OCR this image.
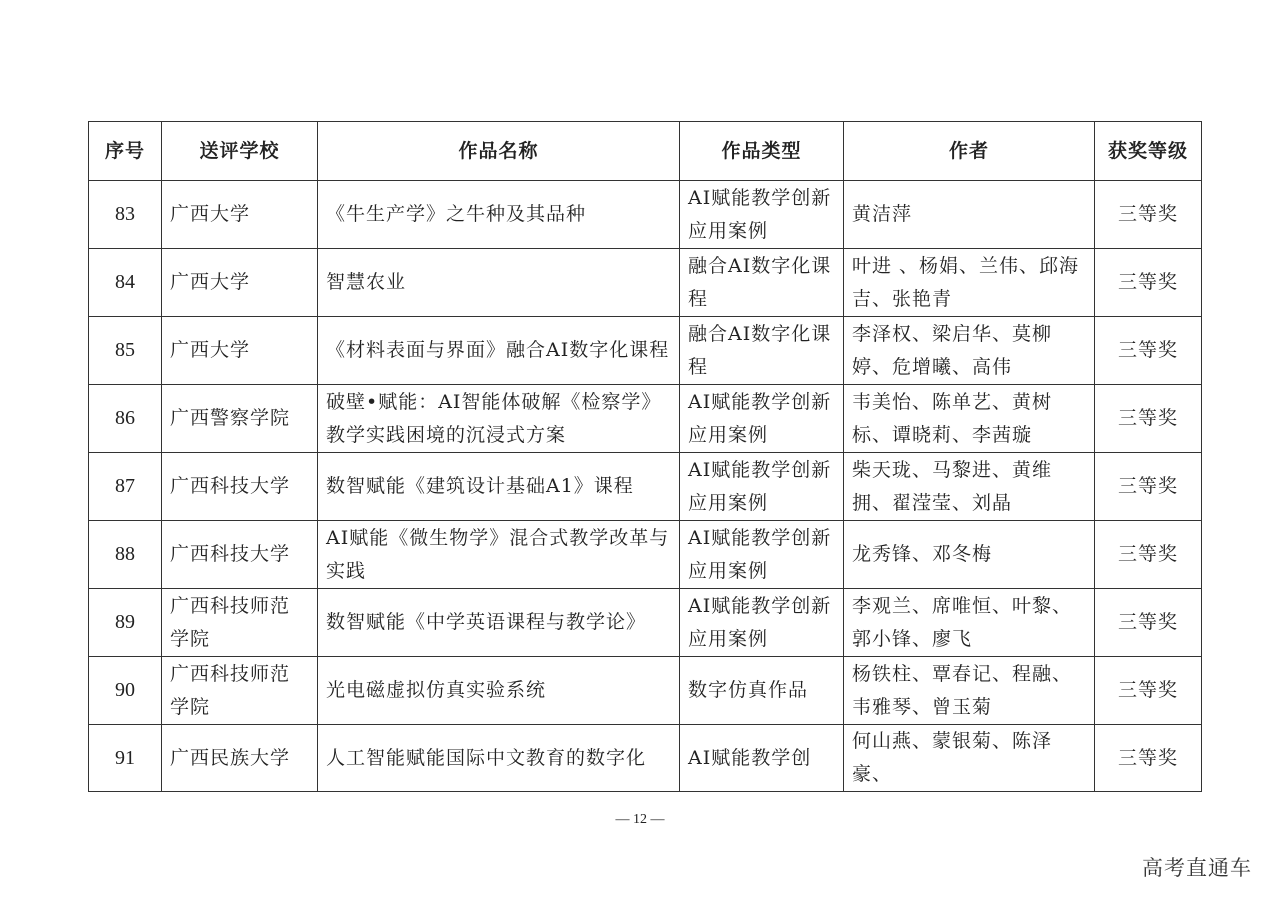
序号	送评学校	作品名称	作品类型	作者	获奖等级
83	广西大学	《牛生产学》之牛种及其品种	AI赋能教学创新应用案例	黄洁萍	三等奖
84	广西大学	智慧农业	融合AI数字化课程	叶进 、杨娟、兰伟、邱海吉、张艳青	三等奖
85	广西大学	《材料表面与界面》融合AI数字化课程	融合AI数字化课程	李泽权、梁启华、莫柳婷、危增曦、高伟	三等奖
86	广西警察学院	破壁•赋能：AI智能体破解《检察学》教学实践困境的沉浸式方案	AI赋能教学创新应用案例	韦美怡、陈单艺、黄树标、谭晓莉、李茜璇	三等奖
87	广西科技大学	数智赋能《建筑设计基础A1》课程	AI赋能教学创新应用案例	柴天珑、马黎进、黄维拥、翟滢莹、刘晶	三等奖
88	广西科技大学	AI赋能《微生物学》混合式教学改革与实践	AI赋能教学创新应用案例	龙秀锋、邓冬梅	三等奖
89	广西科技师范学院	数智赋能《中学英语课程与教学论》	AI赋能教学创新应用案例	李观兰、席唯恒、叶黎、郭小锋、廖飞	三等奖
90	广西科技师范学院	光电磁虚拟仿真实验系统	数字仿真作品	杨铁柱、覃春记、程融、韦雅琴、曾玉菊	三等奖
91	广西民族大学	人工智能赋能国际中文教育的数字化	AI赋能教学创	何山燕、蒙银菊、陈泽豪、	三等奖
— 12 —
高考直通车
